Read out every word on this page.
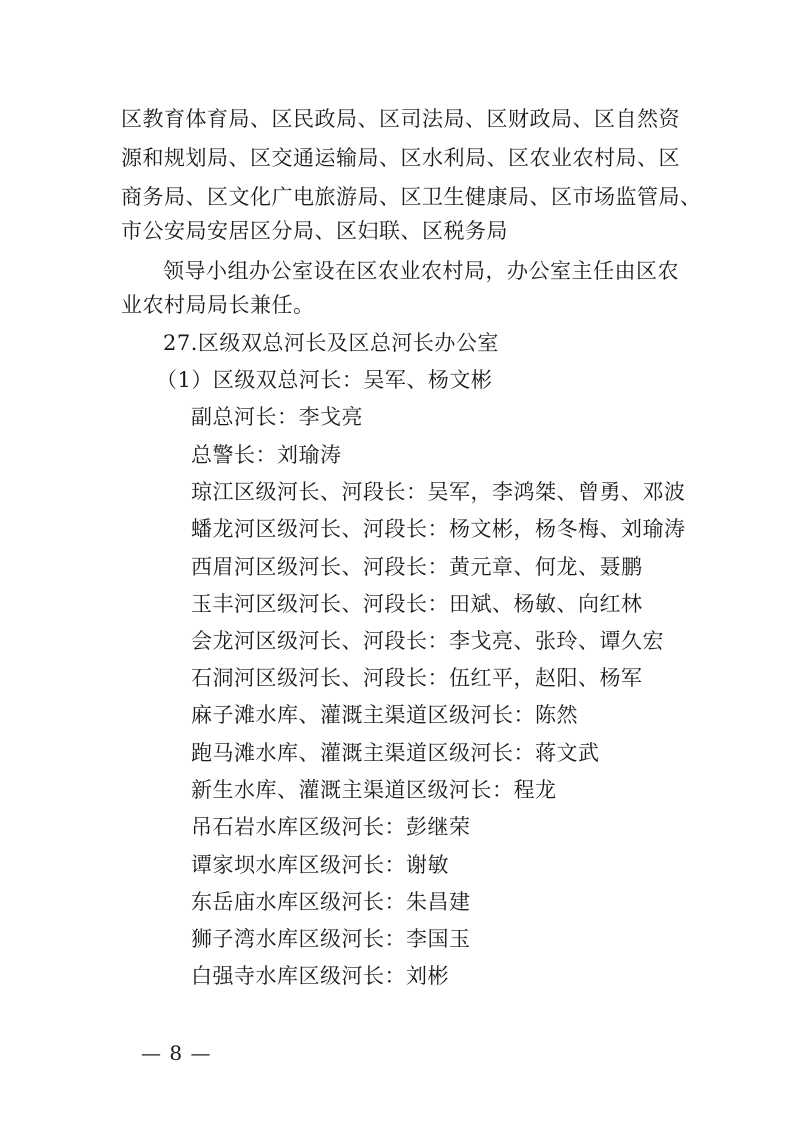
区教育体育局、区民政局、区司法局、区财政局、区自然资
源和规划局、区交通运输局、区水利局、区农业农村局、区
商务局、区文化广电旅游局、区卫生健康局、区市场监管局、
市公安局安居区分局、区妇联、区税务局
领导小组办公室设在区农业农村局，办公室主任由区农
业农村局局长兼任。
27.区级双总河长及区总河长办公室
（1）区级双总河长：吴军、杨文彬
副总河长：李戈亮
总警长：刘瑜涛
琼江区级河长、河段长：吴军，李鸿桀、曾勇、邓波
蟠龙河区级河长、河段长：杨文彬，杨冬梅、刘瑜涛
西眉河区级河长、河段长：黄元章、何龙、聂鹏
玉丰河区级河长、河段长：田斌、杨敏、向红林
会龙河区级河长、河段长：李戈亮、张玲、谭久宏
石洞河区级河长、河段长：伍红平，赵阳、杨军
麻子滩水库、灌溉主渠道区级河长：陈然
跑马滩水库、灌溉主渠道区级河长：蒋文武
新生水库、灌溉主渠道区级河长：程龙
吊石岩水库区级河长：彭继荣
谭家坝水库区级河长：谢敏
东岳庙水库区级河长：朱昌建
狮子湾水库区级河长：李国玉
白强寺水库区级河长：刘彬
— 8 —
